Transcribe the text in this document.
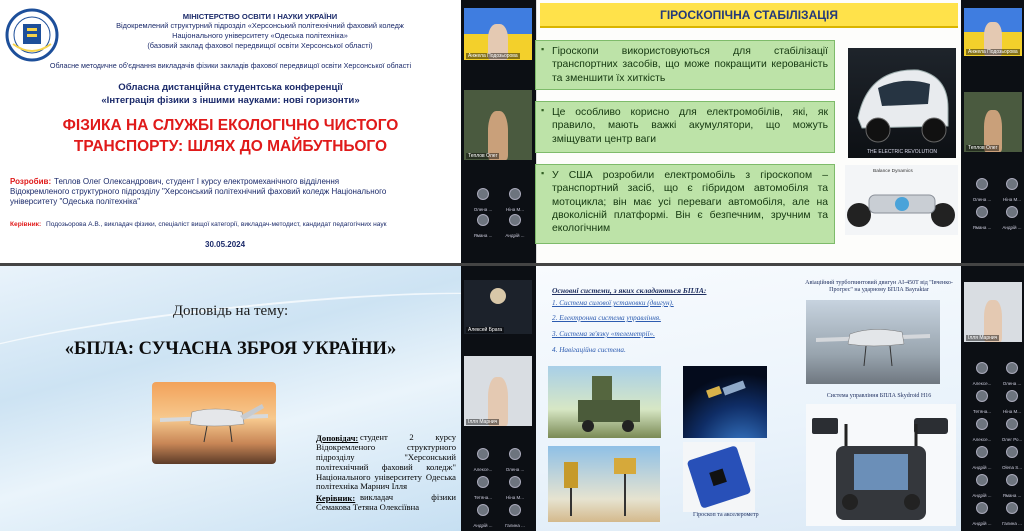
МІНІСТЕРСТВО ОСВІТИ І НАУКИ УКРАЇНИ
Відокремлений структурний підрозділ «Херсонський політехнічний фаховий коледж
Національного університету «Одеська політехніка»
(базовий заклад фахової передвищої освіти Херсонської області)
Обласне методичне об'єднання викладачів фізики закладів фахової передвищої освіти Херсонської області
Обласна дистанційна студентська конференції
«Інтеграція фізики з іншими науками: нові горизонти»
ФІЗИКА НА СЛУЖБІ ЕКОЛОГІЧНО ЧИСТОГО
ТРАНСПОРТУ: ШЛЯХ ДО МАЙБУТНЬОГО
Розробив: Теплов Олег Олександрович, студент І курсу електромеханічного відділення
Відокремленого структурного підрозділу "Херсонський політехнічний фаховий коледж Національного
університету "Одеська політехніка"
Керівник: Подозьорова А.В., викладач фізики, спеціаліст вищої категорії, викладач-методист, кандидат педагогічних наук
30.05.2024
ГІРОСКОПІЧНА СТАБІЛІЗАЦІЯ
▪ Гіроскопи використовуються для стабілізації транспортних засобів, що може покращити керованість та зменшити їх хиткість
▪ Це особливо корисно для електромобілів, які, як правило, мають важкі акумулятори, що можуть зміщувати центр ваги
▪ У США розробили електромобіль з гіроскопом – транспортний засіб, що є гібридом автомобіля та мотоцикла; він має усі переваги автомобіля, але на двоколісній платформі. Він є безпечним, зручним та екологічним
THE ELECTRIC REVOLUTION
Balance Dynamics
Доповідь на тему:
«БПЛА: СУЧАСНА ЗБРОЯ УКРАЇНИ»
Доповідач: студент 2 курсу Відокремленого структурного підрозділу "Херсонський політехнічний фаховий коледж" Національного університету Одеська політехніка Марнич Ілля
Керівник: викладач фізики Семакова Тетяна Олексіївна
Основні системи, з яких складаються БПЛА:
1. Система силової установки (двигун).
2. Електронна система управління.
3. Система зв'язку «телеметрії».
4. Навігаційна система.
Авіаційний турбогвинтовий двигун АІ-450Т від "Івченко-Прогрес" на ударному БПЛА Bayraktar
Система управління БПЛА Skydroid H16
Гіроскоп та акселерометр
Анжела Подозьорова
Теплов Олег
Олена ...	Ніна М...
Ямана ...	Андрій ...
Анжела Подозьорова
Теплов Олег
Олена ...	Ніна М...
Ямана ...	Андрій ...
Алексей Брага
Ілля Марнич
Алексе...	Олена ...
Тетяна...	Ніна М...
Андрій ...	Галина ...
Ілля Марнич
Алексе...	Олена ...
Тетяна...	Ніна М...
Алексе...	Олег Ро...
Андрій ...	Olena S...
Андрій ...	Ямана ...
Андрій ...	Галина ...
